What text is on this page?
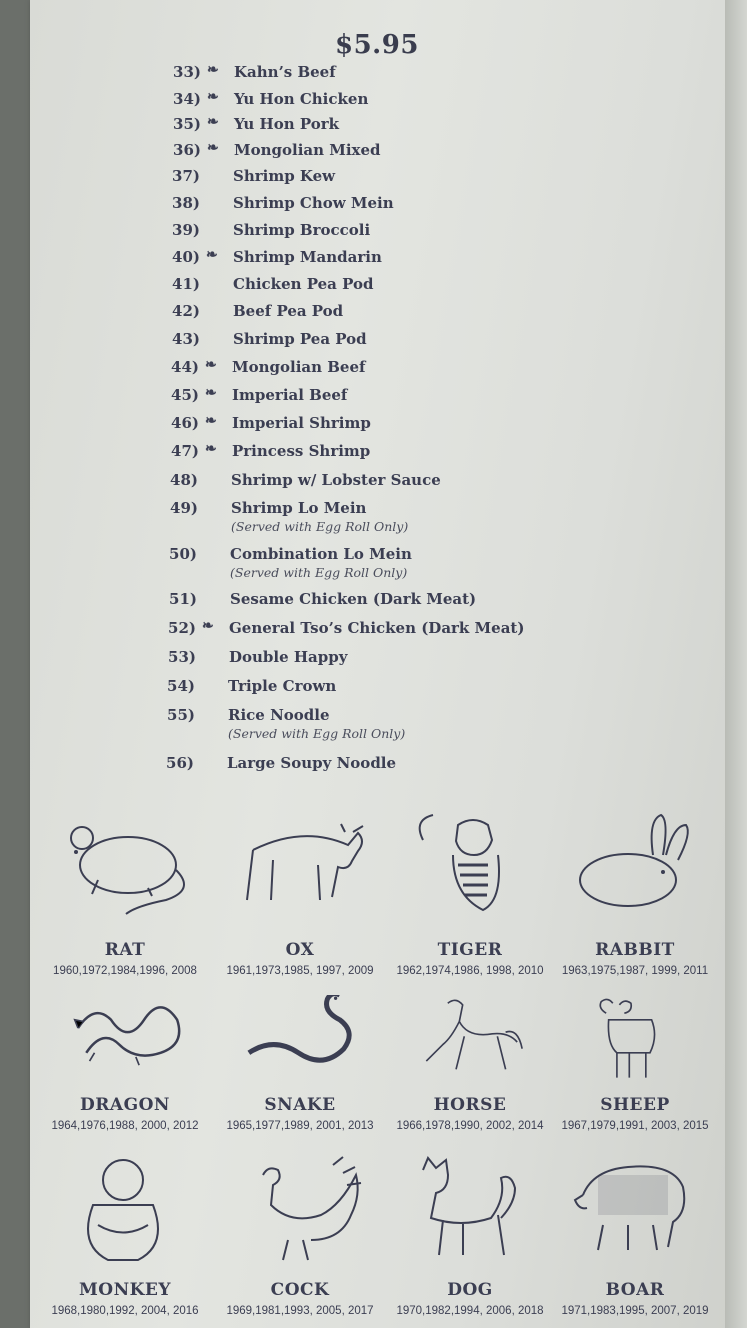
$5.95
33) ❧ Kahn’s Beef
34) ❧ Yu Hon Chicken
35) ❧ Yu Hon Pork
36) ❧ Mongolian Mixed
37) Shrimp Kew
38) Shrimp Chow Mein
39) Shrimp Broccoli
40) ❧ Shrimp Mandarin
41) Chicken Pea Pod
42) Beef Pea Pod
43) Shrimp Pea Pod
44) ❧ Mongolian Beef
45) ❧ Imperial Beef
46) ❧ Imperial Shrimp
47) ❧ Princess Shrimp
48) Shrimp w/ Lobster Sauce
49) Shrimp Lo Mein
(Served with Egg Roll Only)
50) Combination Lo Mein
(Served with Egg Roll Only)
51) Sesame Chicken (Dark Meat)
52) ❧ General Tso’s Chicken (Dark Meat)
53) Double Happy
54) Triple Crown
55) Rice Noodle
(Served with Egg Roll Only)
56) Large Soupy Noodle
RAT
1960,1972,1984,1996, 2008
OX
1961,1973,1985, 1997, 2009
TIGER
1962,1974,1986, 1998, 2010
RABBIT
1963,1975,1987, 1999, 2011
DRAGON
1964,1976,1988, 2000, 2012
SNAKE
1965,1977,1989, 2001, 2013
HORSE
1966,1978,1990, 2002, 2014
SHEEP
1967,1979,1991, 2003, 2015
MONKEY
1968,1980,1992, 2004, 2016
COCK
1969,1981,1993, 2005, 2017
DOG
1970,1982,1994, 2006, 2018
BOAR
1971,1983,1995, 2007, 2019
